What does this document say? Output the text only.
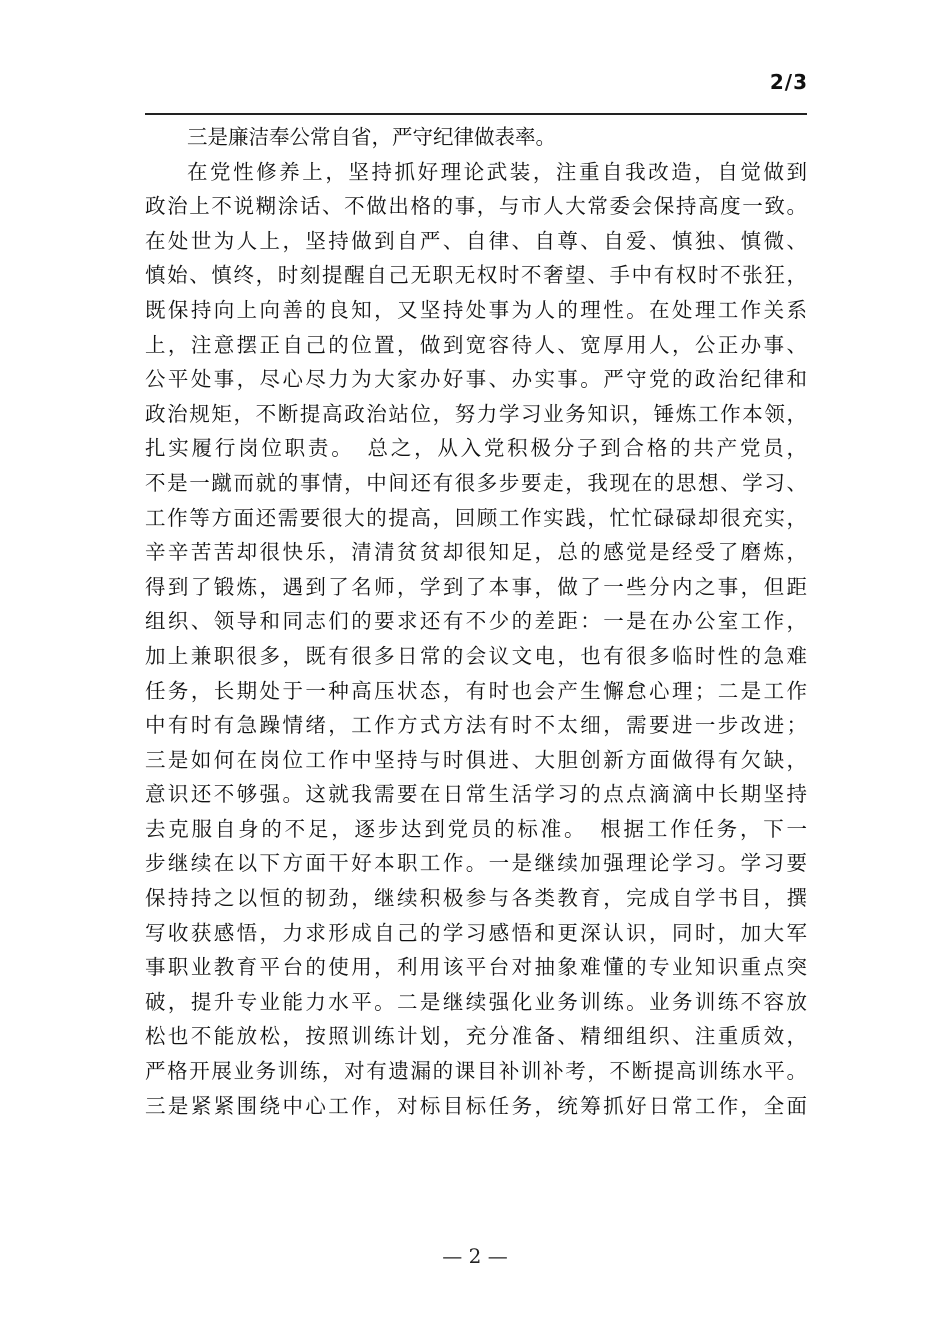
2/3
三是廉洁奉公常自省，严守纪律做表率。
在党性修养上，坚持抓好理论武装，注重自我改造，自觉做到
政治上不说糊涂话、不做出格的事，与市人大常委会保持高度一致。
在处世为人上，坚持做到自严、自律、自尊、自爱、慎独、慎微、
慎始、慎终，时刻提醒自己无职无权时不奢望、手中有权时不张狂，
既保持向上向善的良知，又坚持处事为人的理性。在处理工作关系
上，注意摆正自己的位置，做到宽容待人、宽厚用人，公正办事、
公平处事，尽心尽力为大家办好事、办实事。严守党的政治纪律和
政治规矩，不断提高政治站位，努力学习业务知识，锤炼工作本领，
扎实履行岗位职责。　总之，从入党积极分子到合格的共产党员，
不是一蹴而就的事情，中间还有很多步要走，我现在的思想、学习、
工作等方面还需要很大的提高，回顾工作实践，忙忙碌碌却很充实，
辛辛苦苦却很快乐，清清贫贫却很知足，总的感觉是经受了磨炼，
得到了锻炼，遇到了名师，学到了本事，做了一些分内之事，但距
组织、领导和同志们的要求还有不少的差距：一是在办公室工作，
加上兼职很多，既有很多日常的会议文电，也有很多临时性的急难
任务，长期处于一种高压状态，有时也会产生懈怠心理；二是工作
中有时有急躁情绪，工作方式方法有时不太细，需要进一步改进；
三是如何在岗位工作中坚持与时俱进、大胆创新方面做得有欠缺，
意识还不够强。这就我需要在日常生活学习的点点滴滴中长期坚持
去克服自身的不足，逐步达到党员的标准。　根据工作任务，下一
步继续在以下方面干好本职工作。一是继续加强理论学习。学习要
保持持之以恒的韧劲，继续积极参与各类教育，完成自学书目，撰
写收获感悟，力求形成自己的学习感悟和更深认识，同时，加大军
事职业教育平台的使用，利用该平台对抽象难懂的专业知识重点突
破，提升专业能力水平。二是继续强化业务训练。业务训练不容放
松也不能放松，按照训练计划，充分准备、精细组织、注重质效，
严格开展业务训练，对有遗漏的课目补训补考，不断提高训练水平。
三是紧紧围绕中心工作，对标目标任务，统筹抓好日常工作，全面
— 2 —
